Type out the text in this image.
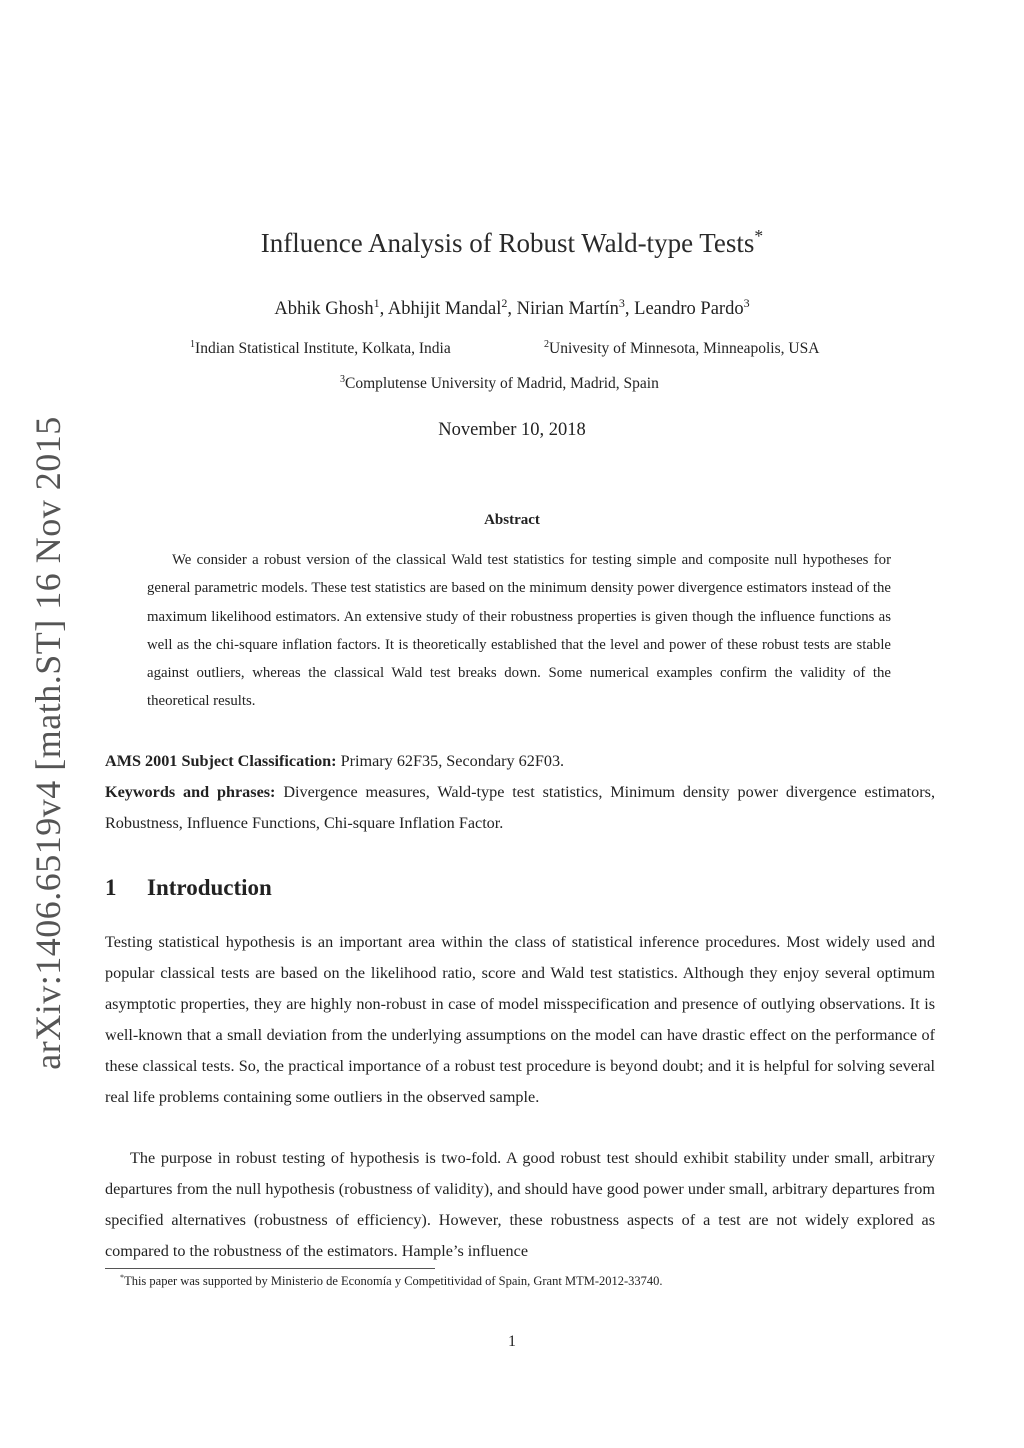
arXiv:1406.6519v4 [math.ST] 16 Nov 2015
Influence Analysis of Robust Wald-type Tests*
Abhik Ghosh$^1$, Abhijit Mandal$^2$, Nirian Martín$^3$, Leandro Pardo$^3$
$^1$Indian Statistical Institute, Kolkata, India	$^2$Univesity of Minnesota, Minneapolis, USA
$^3$Complutense University of Madrid, Madrid, Spain
November 10, 2018
Abstract
We consider a robust version of the classical Wald test statistics for testing simple and composite null hypotheses for general parametric models. These test statistics are based on the minimum density power divergence estimators instead of the maximum likelihood estimators. An extensive study of their robustness properties is given though the influence functions as well as the chi-square inflation factors. It is theoretically established that the level and power of these robust tests are stable against outliers, whereas the classical Wald test breaks down. Some numerical examples confirm the validity of the theoretical results.
AMS 2001 Subject Classification: Primary 62F35, Secondary 62F03.
Keywords and phrases: Divergence measures, Wald-type test statistics, Minimum density power divergence estimators, Robustness, Influence Functions, Chi-square Inflation Factor.
1 Introduction
Testing statistical hypothesis is an important area within the class of statistical inference procedures. Most widely used and popular classical tests are based on the likelihood ratio, score and Wald test statistics. Although they enjoy several optimum asymptotic properties, they are highly non-robust in case of model misspecification and presence of outlying observations. It is well-known that a small deviation from the underlying assumptions on the model can have drastic effect on the performance of these classical tests. So, the practical importance of a robust test procedure is beyond doubt; and it is helpful for solving several real life problems containing some outliers in the observed sample.
The purpose in robust testing of hypothesis is two-fold. A good robust test should exhibit stability under small, arbitrary departures from the null hypothesis (robustness of validity), and should have good power under small, arbitrary departures from specified alternatives (robustness of efficiency). However, these robustness aspects of a test are not widely explored as compared to the robustness of the estimators. Hample’s influence
*This paper was supported by Ministerio de Economía y Competitividad of Spain, Grant MTM-2012-33740.
1
